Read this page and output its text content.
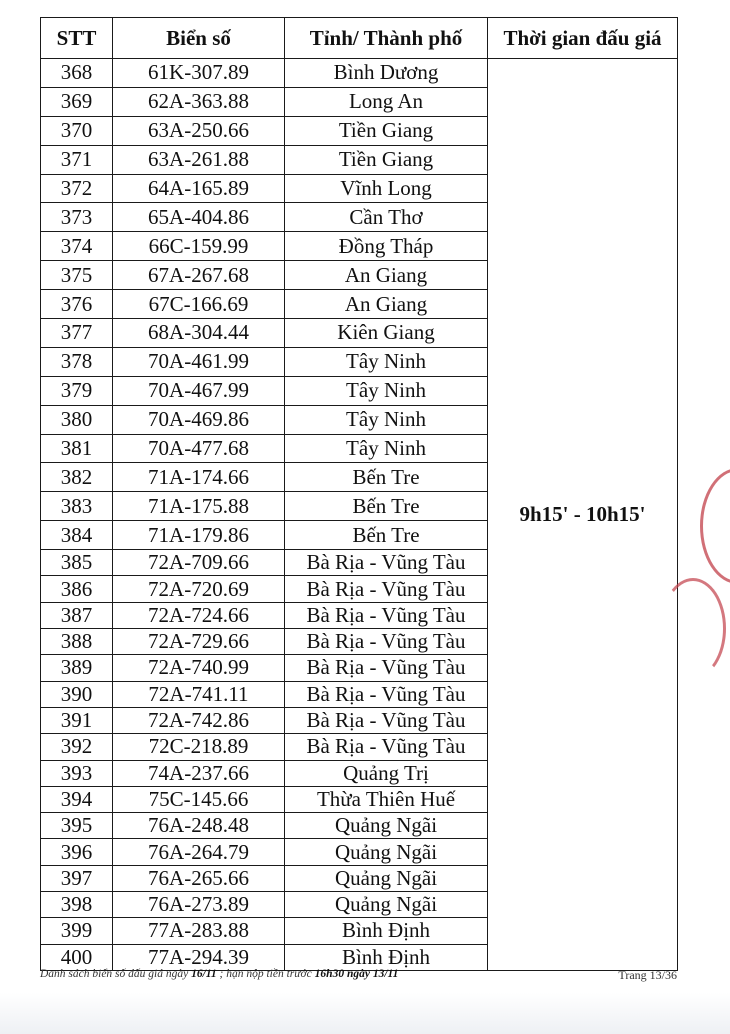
STT	Biển số	Tỉnh/ Thành phố	Thời gian đấu giá
368	61K-307.89	Bình Dương	9h15' - 10h15'
369	62A-363.88	Long An	
370	63A-250.66	Tiền Giang	
371	63A-261.88	Tiền Giang	
372	64A-165.89	Vĩnh Long	
373	65A-404.86	Cần Thơ	
374	66C-159.99	Đồng Tháp	
375	67A-267.68	An Giang	
376	67C-166.69	An Giang	
377	68A-304.44	Kiên Giang	
378	70A-461.99	Tây Ninh	
379	70A-467.99	Tây Ninh	
380	70A-469.86	Tây Ninh	
381	70A-477.68	Tây Ninh	
382	71A-174.66	Bến Tre	
383	71A-175.88	Bến Tre	
384	71A-179.86	Bến Tre	
385	72A-709.66	Bà Rịa - Vũng Tàu	
386	72A-720.69	Bà Rịa - Vũng Tàu	
387	72A-724.66	Bà Rịa - Vũng Tàu	
388	72A-729.66	Bà Rịa - Vũng Tàu	
389	72A-740.99	Bà Rịa - Vũng Tàu	
390	72A-741.11	Bà Rịa - Vũng Tàu	
391	72A-742.86	Bà Rịa - Vũng Tàu	
392	72C-218.89	Bà Rịa - Vũng Tàu	
393	74A-237.66	Quảng Trị	
394	75C-145.66	Thừa Thiên Huế	
395	76A-248.48	Quảng Ngãi	
396	76A-264.79	Quảng Ngãi	
397	76A-265.66	Quảng Ngãi	
398	76A-273.89	Quảng Ngãi	
399	77A-283.88	Bình Định	
400	77A-294.39	Bình Định	
Danh sách biển số đấu giá ngày 16/11 ; hạn nộp tiền trước 16h30 ngày 13/11	Trang 13/36
